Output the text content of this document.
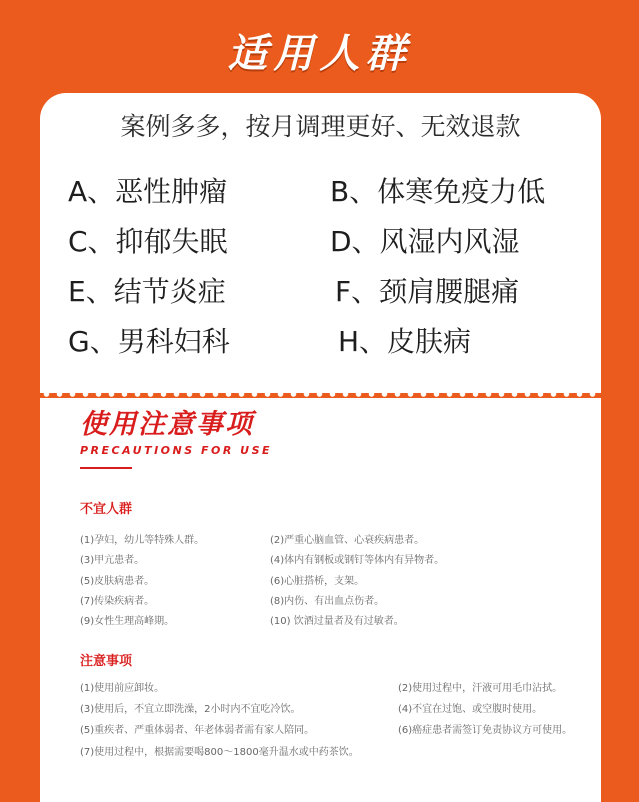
适用人群
案例多多，按月调理更好、无效退款
A、恶性肿瘤	B、体寒免疫力低
C、抑郁失眠	D、风湿内风湿
E、结节炎症	F、颈肩腰腿痛
G、男科妇科	H、皮肤病
使用注意事项
PRECAUTIONS FOR USE
不宜人群
(1)孕妇，幼儿等特殊人群。	(2)严重心脑血管、心衰疾病患者。
(3)甲亢患者。	(4)体内有钢板或钢钉等体内有异物者。
(5)皮肤病患者。	(6)心脏搭桥，支架。
(7)传染疾病者。	(8)内伤、有出血点伤者。
(9)女性生理高峰期。	(10) 饮酒过量者及有过敏者。
注意事项
(1)使用前应卸妆。	(2)使用过程中，汗液可用毛巾沾拭。
(3)使用后，不宜立即洗澡，2小时内不宜吃冷饮。	(4)不宜在过饱、或空腹时使用。
(5)重疾者、严重体弱者、年老体弱者需有家人陪同。	(6)癌症患者需签订免责协议方可使用。
(7)使用过程中，根据需要喝800～1800毫升温水或中药茶饮。
